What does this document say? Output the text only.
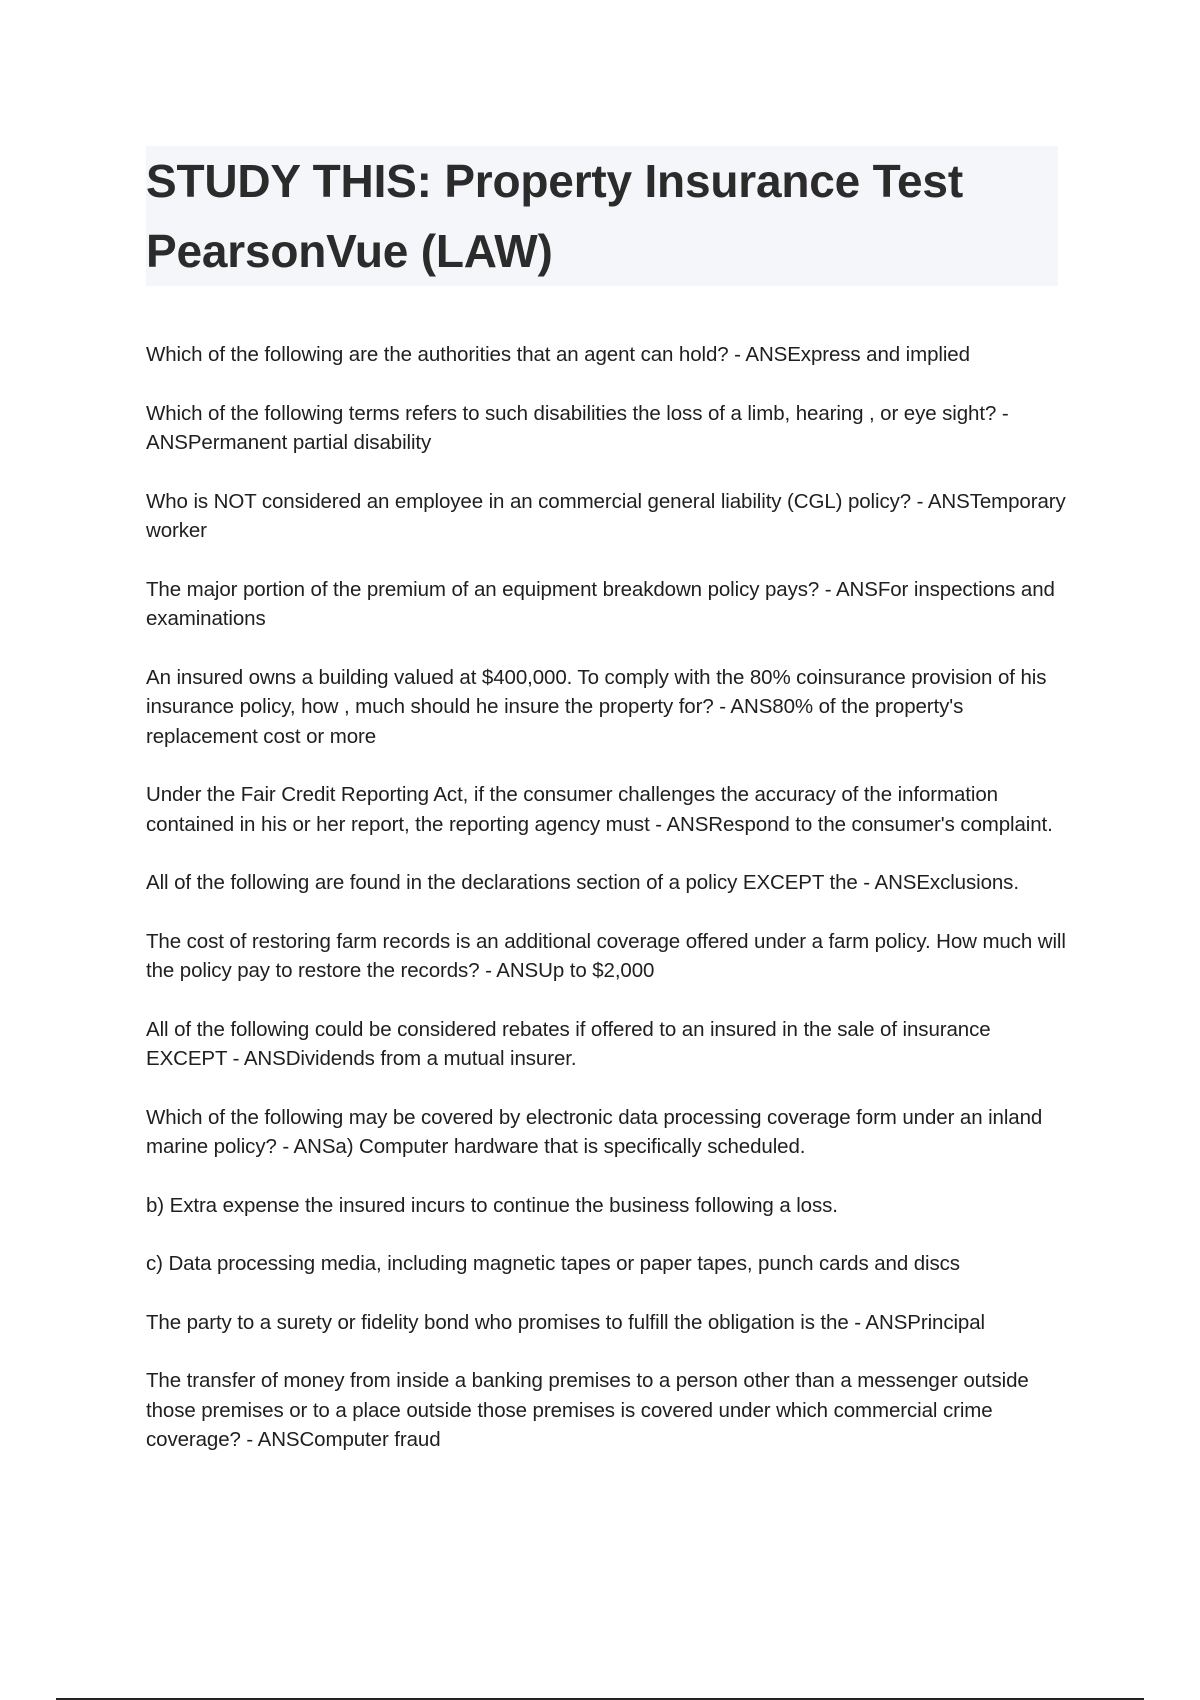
STUDY THIS: Property Insurance Test PearsonVue (LAW)

Which of the following are the authorities that an agent can hold? - ANSExpress and implied

Which of the following terms refers to such disabilities the loss of a limb, hearing , or eye sight? - ANSPermanent partial disability

Who is NOT considered an employee in an commercial general liability (CGL) policy? - ANSTemporary worker

The major portion of the premium of an equipment breakdown policy pays? - ANSFor inspections and examinations

An insured owns a building valued at $400,000. To comply with the 80% coinsurance provision of his insurance policy, how , much should he insure the property for? - ANS80% of the property's replacement cost or more

Under the Fair Credit Reporting Act, if the consumer challenges the accuracy of the information contained in his or her report, the reporting agency must - ANSRespond to the consumer's complaint.

All of the following are found in the declarations section of a policy EXCEPT the - ANSExclusions.

The cost of restoring farm records is an additional coverage offered under a farm policy. How much will the policy pay to restore the records? - ANSUp to $2,000

All of the following could be considered rebates if offered to an insured in the sale of insurance EXCEPT - ANSDividends from a mutual insurer.

Which of the following may be covered by electronic data processing coverage form under an inland marine policy? - ANSa) Computer hardware that is specifically scheduled.

b) Extra expense the insured incurs to continue the business following a loss.

c) Data processing media, including magnetic tapes or paper tapes, punch cards and discs

The party to a surety or fidelity bond who promises to fulfill the obligation is the - ANSPrincipal

The transfer of money from inside a banking premises to a person other than a messenger outside those premises or to a place outside those premises is covered under which commercial crime coverage? - ANSComputer fraud
